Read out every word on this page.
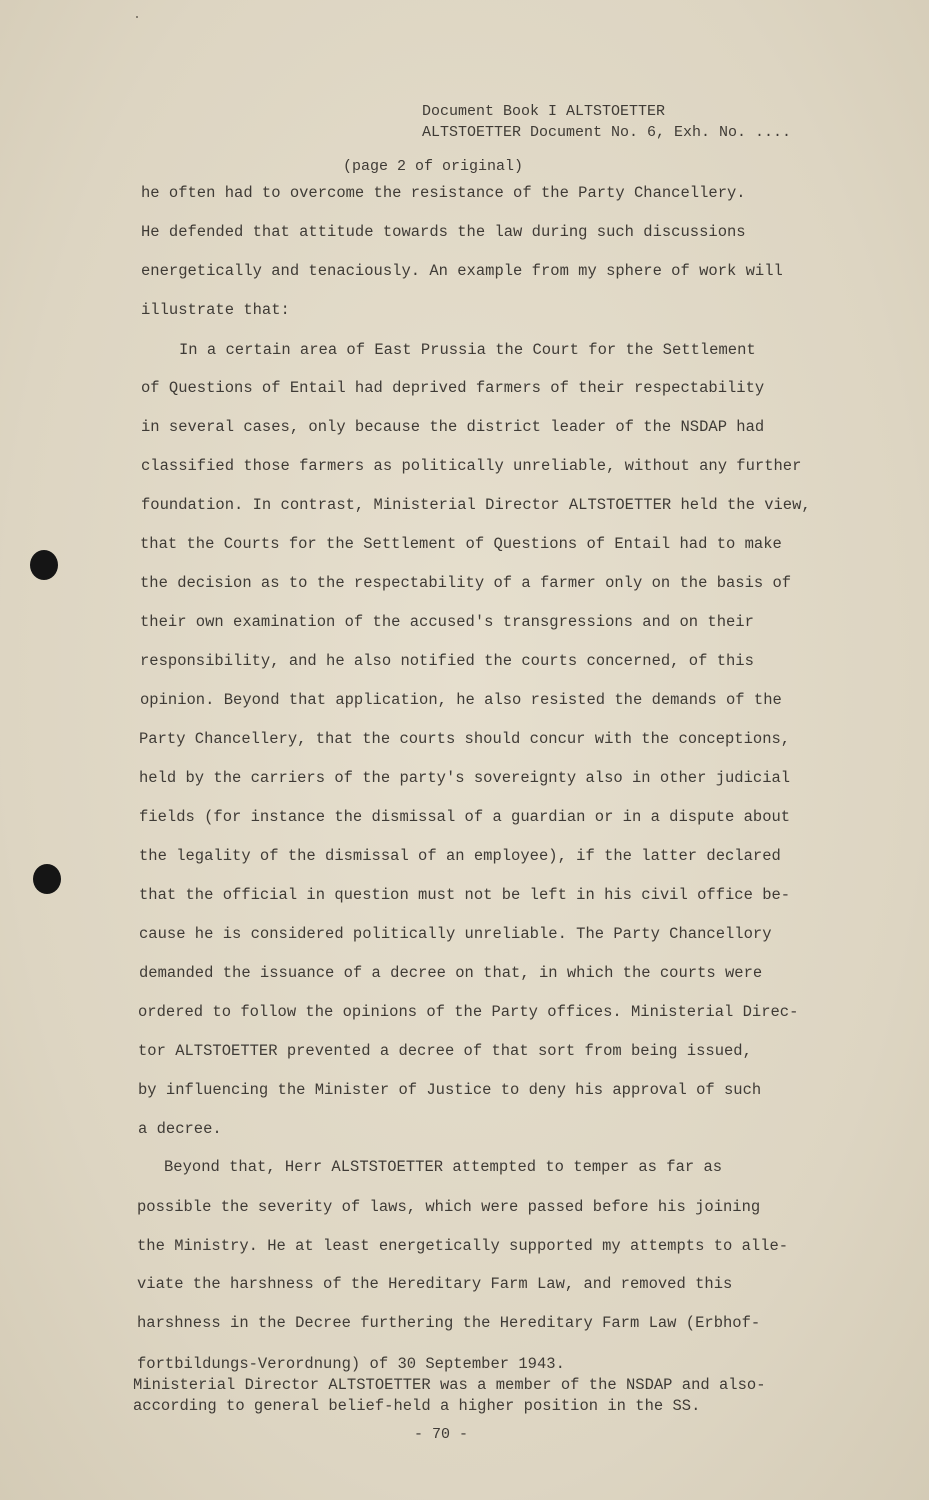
Document Book I ALTSTOETTER
ALTSTOETTER Document No. 6, Exh. No. ....
(page 2 of original)
he often had to overcome the resistance of the Party Chancellery.
He defended that attitude towards the law during such discussions
energetically and tenaciously. An example from my sphere of work will
illustrate that:
In a certain area of East Prussia the Court for the Settlement
of Questions of Entail had deprived farmers of their respectability
in several cases, only because the district leader of the NSDAP had
classified those farmers as politically unreliable, without any further
foundation. In contrast, Ministerial Director ALTSTOETTER held the view,
that the Courts for the Settlement of Questions of Entail had to make
the decision as to the respectability of a farmer only on the basis of
their own examination of the accused's transgressions and on their
responsibility, and he also notified the courts concerned, of this
opinion. Beyond that application, he also resisted the demands of the
Party Chancellery, that the courts should concur with the conceptions,
held by the carriers of the party's sovereignty also in other judicial
fields (for instance the dismissal of a guardian or in a dispute about
the legality of the dismissal of an employee), if the latter declared
that the official in question must not be left in his civil office be-
cause he is considered politically unreliable. The Party Chancellory
demanded the issuance of a decree on that, in which the courts were
ordered to follow the opinions of the Party offices. Ministerial Direc-
tor ALTSTOETTER prevented a decree of that sort from being issued,
by influencing the Minister of Justice to deny his approval of such
a decree.
Beyond that, Herr ALSTSTOETTER attempted to temper as far as
possible the severity of laws, which were passed before his joining
the Ministry. He at least energetically supported my attempts to alle-
viate the harshness of the Hereditary Farm Law, and removed this
harshness in the Decree furthering the Hereditary Farm Law (Erbhof-
fortbildungs-Verordnung) of 30 September 1943.
Ministerial Director ALTSTOETTER was a member of the NSDAP and also-
according to general belief-held a higher position in the SS.
- 70 -
